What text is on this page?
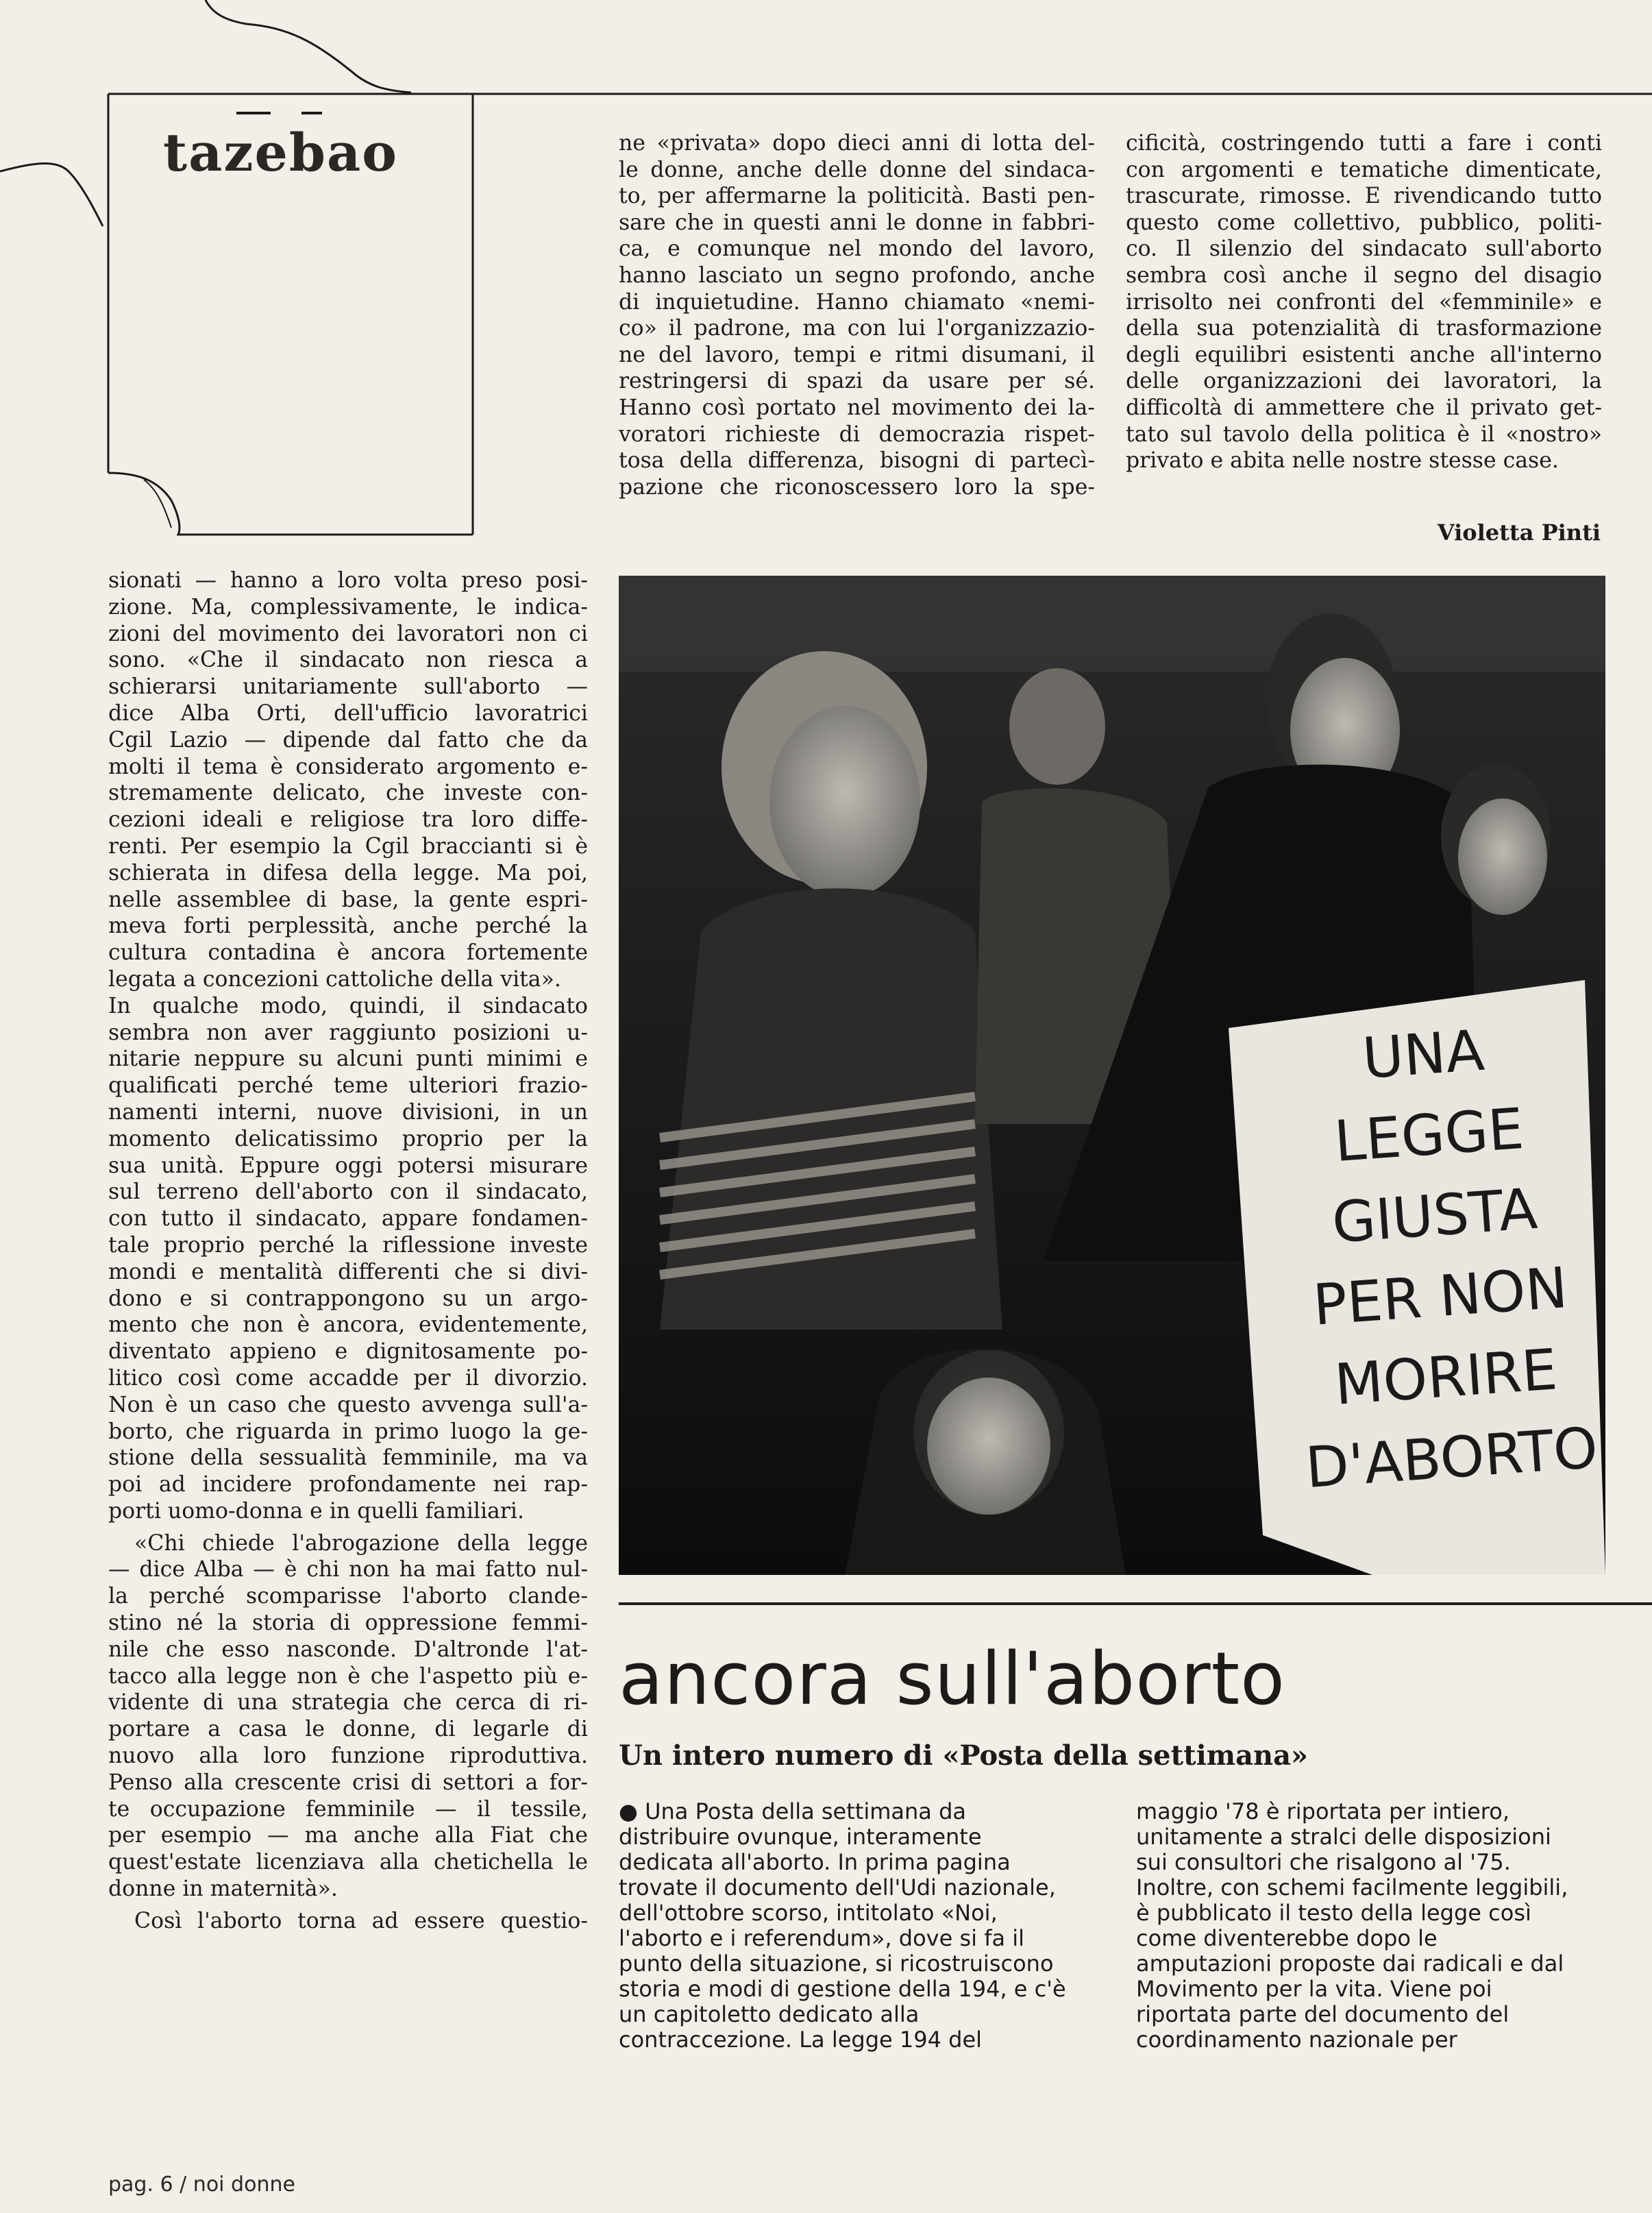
tazebao	ne «privata» dopo dieci anni di lotta del-
le donne, anche delle donne del sindaca-
to, per affermarne la politicità. Basti pen-
sare che in questi anni le donne in fabbri-
ca, e comunque nel mondo del lavoro,
hanno lasciato un segno profondo, anche
di inquietudine. Hanno chiamato «nemi-
co» il padrone, ma con lui l'organizzazio-
ne del lavoro, tempi e ritmi disumani, il
restringersi di spazi da usare per sé.
Hanno così portato nel movimento dei la-
voratori richieste di democrazia rispet-
tosa della differenza, bisogni di partecì-
pazione che riconoscessero loro la spe-
cificità, costringendo tutti a fare i conti
con argomenti e tematiche dimenticate,
trascurate, rimosse. E rivendicando tutto
questo come collettivo, pubblico, politi-
co. Il silenzio del sindacato sull'aborto
sembra così anche il segno del disagio
irrisolto nei confronti del «femminile» e
della sua potenzialità di trasformazione
degli equilibri esistenti anche all'interno
delle organizzazioni dei lavoratori, la
difficoltà di ammettere che il privato get-
tato sul tavolo della politica è il «nostro»
privato e abita nelle nostre stesse case.
Violetta Pinti
sionati — hanno a loro volta preso posi-
zione. Ma, complessivamente, le indica-
zioni del movimento dei lavoratori non ci
sono. «Che il sindacato non riesca a
schierarsi unitariamente sull'aborto —
dice Alba Orti, dell'ufficio lavoratrici
Cgil Lazio — dipende dal fatto che da
molti il tema è considerato argomento e-
stremamente delicato, che investe con-
cezioni ideali e religiose tra loro diffe-
renti. Per esempio la Cgil braccianti si è
schierata in difesa della legge. Ma poi,
nelle assemblee di base, la gente espri-
meva forti perplessità, anche perché la
cultura contadina è ancora fortemente
legata a concezioni cattoliche della vita».
In qualche modo, quindi, il sindacato
sembra non aver raggiunto posizioni u-
nitarie neppure su alcuni punti minimi e
qualificati perché teme ulteriori frazio-
namenti interni, nuove divisioni, in un
momento delicatissimo proprio per la
sua unità. Eppure oggi potersi misurare
sul terreno dell'aborto con il sindacato,
con tutto il sindacato, appare fondamen-
tale proprio perché la riflessione investe
mondi e mentalità differenti che si divi-
dono e si contrappongono su un argo-
mento che non è ancora, evidentemente,
diventato appieno e dignitosamente po-
litico così come accadde per il divorzio.
Non è un caso che questo avvenga sull'a-
borto, che riguarda in primo luogo la ge-
stione della sessualità femminile, ma va
poi ad incidere profondamente nei rap-
porti uomo-donna e in quelli familiari.
«Chi chiede l'abrogazione della legge
— dice Alba — è chi non ha mai fatto nul-
la perché scomparisse l'aborto clande-
stino né la storia di oppressione femmi-
nile che esso nasconde. D'altronde l'at-
tacco alla legge non è che l'aspetto più e-
vidente di una strategia che cerca di ri-
portare a casa le donne, di legarle di
nuovo alla loro funzione riproduttiva.
Penso alla crescente crisi di settori a for-
te occupazione femminile — il tessile,
per esempio — ma anche alla Fiat che
quest'estate licenziava alla chetichella le
donne in maternità».
Così l'aborto torna ad essere questio-
UNA LEGGE
GIUSTA
PER NON
MORIRE
D'ABORTO
ancora sull'aborto
Un intero numero di «Posta della settimana»
● Una Posta della settimana da
distribuire ovunque, interamente
dedicata all'aborto. In prima pagina
trovate il documento dell'Udi nazionale,
dell'ottobre scorso, intitolato «Noi,
l'aborto e i referendum», dove si fa il
punto della situazione, si ricostruiscono
storia e modi di gestione della 194, e c'è
un capitoletto dedicato alla
contraccezione. La legge 194 del
maggio '78 è riportata per intiero,
unitamente a stralci delle disposizioni
sui consultori che risalgono al '75.
Inoltre, con schemi facilmente leggibili,
è pubblicato il testo della legge così
come diventerebbe dopo le
amputazioni proposte dai radicali e dal
Movimento per la vita. Viene poi
riportata parte del documento del
coordinamento nazionale per
pag. 6 / noi donne
